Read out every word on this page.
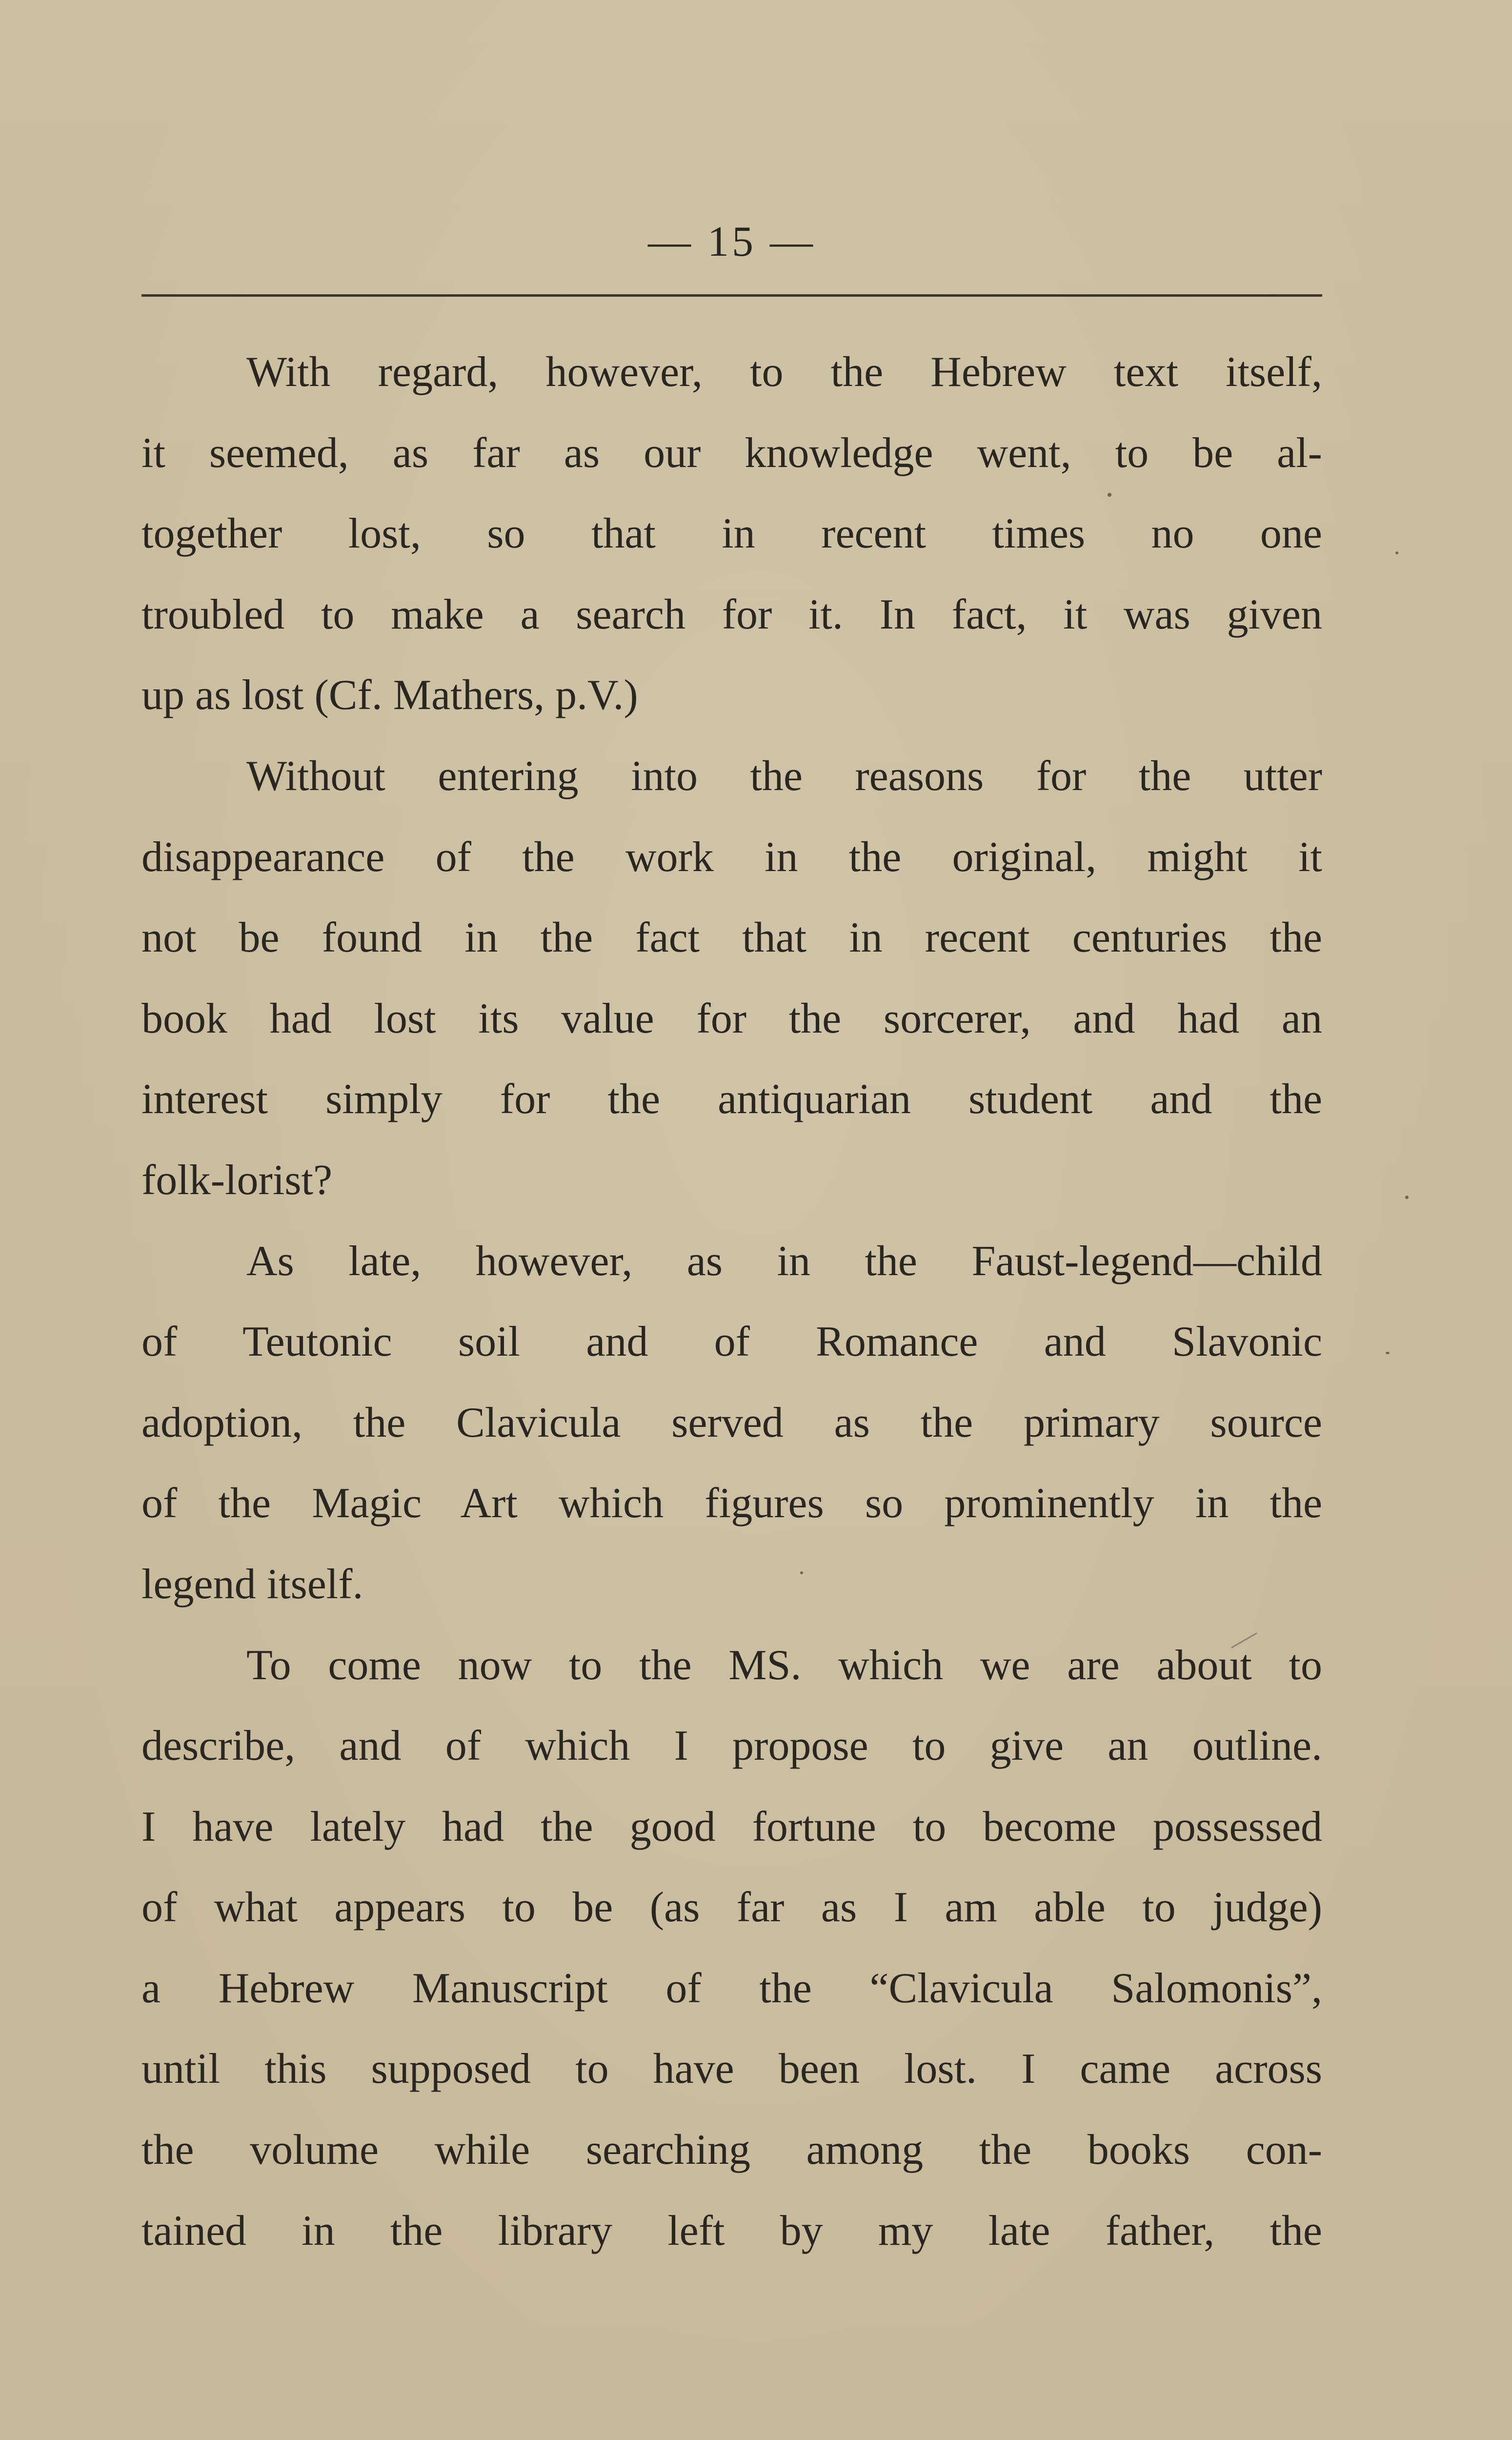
— 15 —
With regard, however, to the Hebrew text itself,
it seemed, as far as our knowledge went, to be al-
together lost, so that in recent times no one
troubled to make a search for it. In fact, it was given
up as lost (Cf. Mathers, p.V.)
Without entering into the reasons for the utter
disappearance of the work in the original, might it
not be found in the fact that in recent centuries the
book had lost its value for the sorcerer, and had an
interest simply for the antiquarian student and the
folk-lorist?
As late, however, as in the Faust-legend—child
of Teutonic soil and of Romance and Slavonic
adoption, the Clavicula served as the primary source
of the Magic Art which figures so prominently in the
legend itself.
To come now to the MS. which we are about to
describe, and of which I propose to give an outline.
I have lately had the good fortune to become possessed
of what appears to be (as far as I am able to judge)
a Hebrew Manuscript of the “Clavicula Salomonis”,
until this supposed to have been lost. I came across
the volume while searching among the books con-
tained in the library left by my late father, the
